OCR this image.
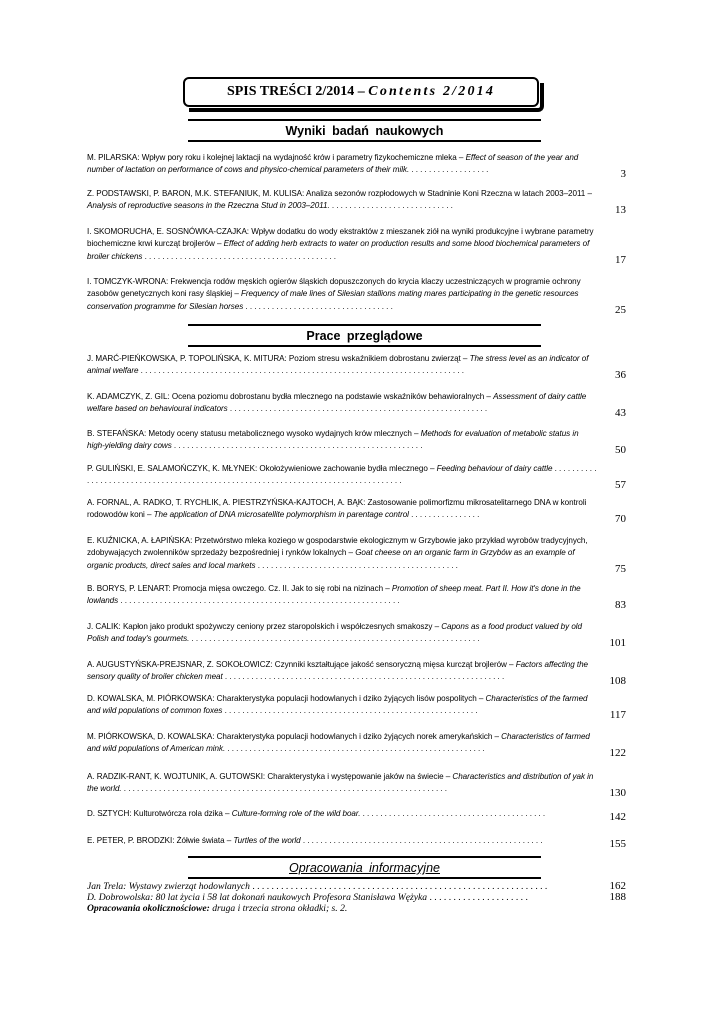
SPIS TREŚCI 2/2014 – Contents 2/2014
Wyniki badań naukowych
M. PILARSKA: Wpływ pory roku i kolejnej laktacji na wydajność krów i parametry fizykochemiczne mleka – Effect of season of the year and number of lactation on performance of cows and physico-chemical parameters of their milk. . . . . . . . . . . . . . . . . . .	3
Z. PODSTAWSKI, P. BARON, M.K. STEFANIUK, M. KULISA: Analiza sezonów rozpłodowych w Stadninie Koni Rzeczna w latach 2003–2011 – Analysis of reproductive seasons in the Rzeczna Stud in 2003–2011. . . . . . . . . . . . . . . . . . . . . . . . . . . . .	13
I. SKOMORUCHA, E. SOSNÓWKA-CZAJKA: Wpływ dodatku do wody ekstraktów z mieszanek ziół na wyniki produkcyjne i wybrane parametry biochemiczne krwi kurcząt brojlerów – Effect of adding herb extracts to water on production results and some blood biochemical parameters of broiler chickens . . . . . . . . . . . . . . . . . . . . . . . . . . . . . . . . . . . . . . . . . . . .	17
I. TOMCZYK-WRONA: Frekwencja rodów męskich ogierów śląskich dopuszczonych do krycia klaczy uczestniczących w programie ochrony zasobów genetycznych koni rasy śląskiej – Frequency of male lines of Silesian stallions mating mares participating in the genetic resources conservation programme for Silesian horses . . . . . . . . . . . . . . . . . . . . . . . . . . . . . . . . . .	25
Prace przeglądowe
J. MARĆ-PIEŃKOWSKA, P. TOPOLIŃSKA, K. MITURA: Poziom stresu wskaźnikiem dobrostanu zwierząt – The stress level as an indicator of animal welfare . . . . . . . . . . . . . . . . . . . . . . . . . . . . . . . . . . . . . . . . . . . . . . . . . . . . . . . . . . . . . . . . . . . . . . . . . .	36
K. ADAMCZYK, Z. GIL: Ocena poziomu dobrostanu bydła mlecznego na podstawie wskaźników behawioralnych – Assessment of dairy cattle welfare based on behavioural indicators . . . . . . . . . . . . . . . . . . . . . . . . . . . . . . . . . . . . . . . . . . . . . . . . . . . . . . . . . . .	43
B. STEFAŃSKA: Metody oceny statusu metabolicznego wysoko wydajnych krów mlecznych – Methods for evaluation of metabolic status in high-yielding dairy cows . . . . . . . . . . . . . . . . . . . . . . . . . . . . . . . . . . . . . . . . . . . . . . . . . . . . . . . . .	50
P. GULIŃSKI, E. SALAMOŃCZYK, K. MŁYNEK: Okołożywieniowe zachowanie bydła mlecznego – Feeding behaviour of dairy cattle . . . . . . . . . . . . . . . . . . . . . . . . . . . . . . . . . . . . . . . . . . . . . . . . . . . . . . . . . . . . . . . . . . . . . . . . . . . . . . . . . .	57
A. FORNAL, A. RADKO, T. RYCHLIK, A. PIESTRZYŃSKA-KAJTOCH, A. BĄK: Zastosowanie polimorfizmu mikrosatelitarnego DNA w kontroli rodowodów koni – The application of DNA microsatellite polymorphism in parentage control . . . . . . . . . . . . . . . .	70
E. KUŹNICKA, A. ŁAPIŃSKA: Przetwórstwo mleka koziego w gospodarstwie ekologicznym w Grzybowie jako przykład wyrobów tradycyjnych, zdobywających zwolenników sprzedaży bezpośredniej i rynków lokalnych – Goat cheese on an organic farm in Grzybów as an example of organic products, direct sales and local markets . . . . . . . . . . . . . . . . . . . . . . . . . . . . . . . . . . . . . . . . . . . . . .	75
B. BORYS, P. LENART: Promocja mięsa owczego. Cz. II. Jak to się robi na nizinach – Promotion of sheep meat. Part II. How it's done in the lowlands . . . . . . . . . . . . . . . . . . . . . . . . . . . . . . . . . . . . . . . . . . . . . . . . . . . . . . . . . . . . . . . .	83
J. CALIK: Kapłon jako produkt spożywczy ceniony przez staropolskich i współczesnych smakoszy – Capons as a food product valued by old Polish and today's gourmets. . . . . . . . . . . . . . . . . . . . . . . . . . . . . . . . . . . . . . . . . . . . . . . . . . . . . . . . . . . . . . . . . . .	101
A. AUGUSTYŃSKA-PREJSNAR, Z. SOKOŁOWICZ: Czynniki kształtujące jakość sensoryczną mięsa kurcząt brojlerów – Factors affecting the sensory quality of broiler chicken meat . . . . . . . . . . . . . . . . . . . . . . . . . . . . . . . . . . . . . . . . . . . . . . . . . . . . . . . . . . . . . . . .	108
D. KOWALSKA, M. PIÓRKOWSKA: Charakterystyka populacji hodowlanych i dziko żyjących lisów pospolitych – Characteristics of the farmed and wild populations of common foxes . . . . . . . . . . . . . . . . . . . . . . . . . . . . . . . . . . . . . . . . . . . . . . . . . . . . . . . . . .	117
M. PIÓRKOWSKA, D. KOWALSKA: Charakterystyka populacji hodowlanych i dziko żyjących norek amerykańskich – Characteristics of farmed and wild populations of American mink. . . . . . . . . . . . . . . . . . . . . . . . . . . . . . . . . . . . . . . . . . . . . . . . . . . . . . . . . . . .	122
A. RADZIK-RANT, K. WOJTUNIK, A. GUTOWSKI: Charakterystyka i występowanie jaków na świecie – Characteristics and distribution of yak in the world. . . . . . . . . . . . . . . . . . . . . . . . . . . . . . . . . . . . . . . . . . . . . . . . . . . . . . . . . . . . . . . . . . . . . . . . . . .	130
D. SZTYCH: Kulturotwórcza rola dzika – Culture-forming role of the wild boar. . . . . . . . . . . . . . . . . . . . . . . . . . . . . . . . . . . . . . . . . . .	142
E. PETER, P. BRODZKI: Żółwie świata – Turtles of the world . . . . . . . . . . . . . . . . . . . . . . . . . . . . . . . . . . . . . . . . . . . . . . . . . . . . . . .	155
Opracowania informacyjne
Jan Trela: Wystawy zwierząt hodowlanych . . . . . . . . . . . . . . . . . . . . . . . . . . . . . . . . . . . . . . . . . . . . . . . . . . . . . . . . . . . . . .	162
D. Dobrowolska: 80 lat życia i 58 lat dokonań naukowych Profesora Stanisława Wężyka . . . . . . . . . . . . . . . . . . . . .	188
Opracowania okolicznościowe: druga i trzecia strona okładki; s. 2.
